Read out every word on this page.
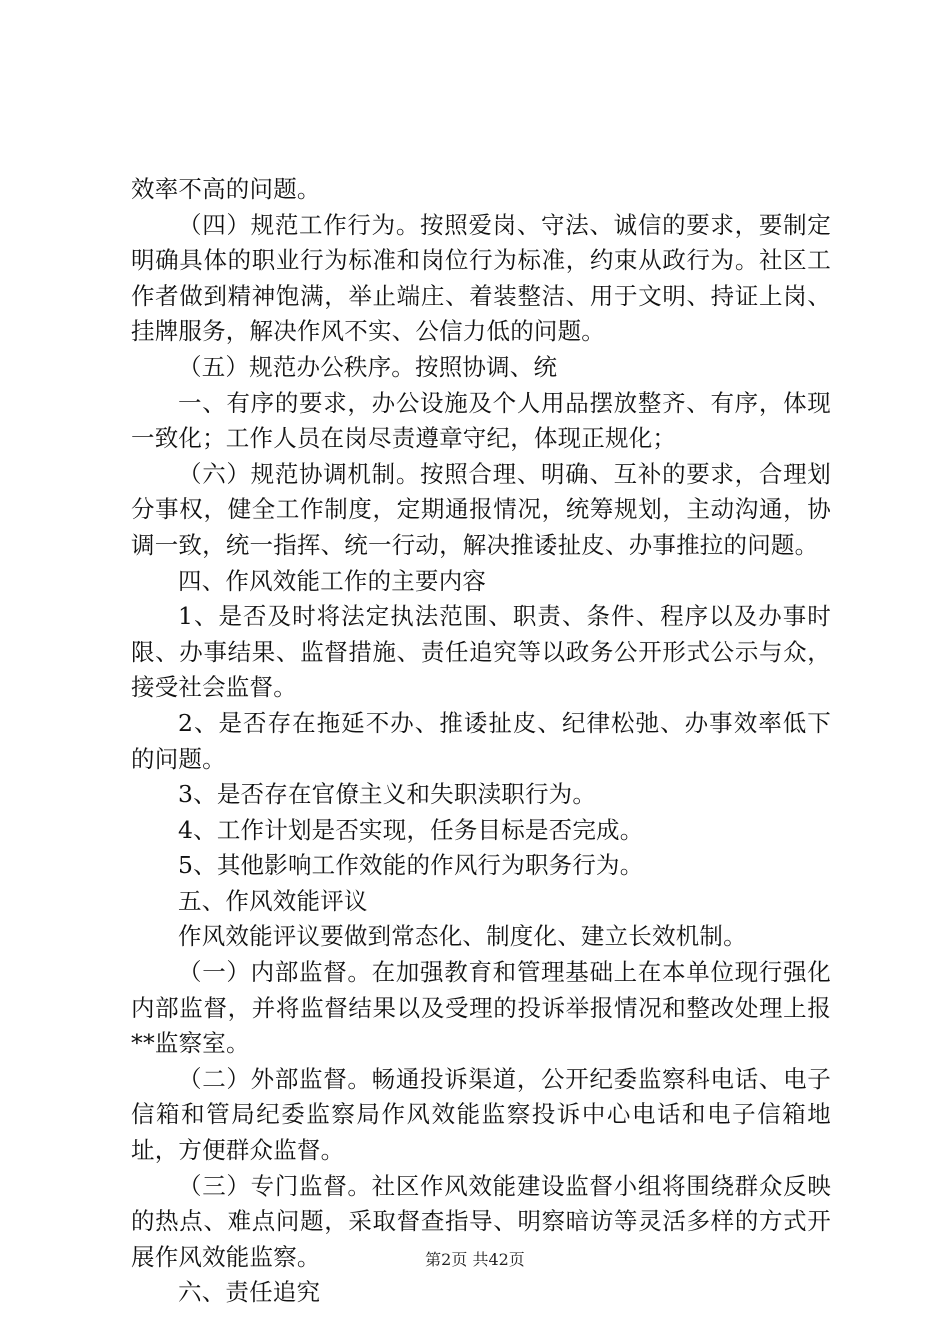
效率不高的问题。

（四）规范工作行为。按照爱岗、守法、诚信的要求，要制定明确具体的职业行为标准和岗位行为标准，约束从政行为。社区工作者做到精神饱满，举止端庄、着装整洁、用于文明、持证上岗、挂牌服务，解决作风不实、公信力低的问题。

（五）规范办公秩序。按照协调、统

一、有序的要求，办公设施及个人用品摆放整齐、有序，体现一致化；工作人员在岗尽责遵章守纪，体现正规化；

（六）规范协调机制。按照合理、明确、互补的要求，合理划分事权，健全工作制度，定期通报情况，统筹规划，主动沟通，协调一致，统一指挥、统一行动，解决推诿扯皮、办事推拉的问题。

四、作风效能工作的主要内容

1、是否及时将法定执法范围、职责、条件、程序以及办事时限、办事结果、监督措施、责任追究等以政务公开形式公示与众，接受社会监督。

2、是否存在拖延不办、推诿扯皮、纪律松弛、办事效率低下的问题。

3、是否存在官僚主义和失职渎职行为。

4、工作计划是否实现，任务目标是否完成。

5、其他影响工作效能的作风行为职务行为。

五、作风效能评议

作风效能评议要做到常态化、制度化、建立长效机制。

（一）内部监督。在加强教育和管理基础上在本单位现行强化内部监督，并将监督结果以及受理的投诉举报情况和整改处理上报**监察室。

（二）外部监督。畅通投诉渠道，公开纪委监察科电话、电子信箱和管局纪委监察局作风效能监察投诉中心电话和电子信箱地址，方便群众监督。

（三）专门监督。社区作风效能建设监督小组将围绕群众反映的热点、难点问题，采取督查指导、明察暗访等灵活多样的方式开展作风效能监察。

六、责任追究

第2页 共42页
